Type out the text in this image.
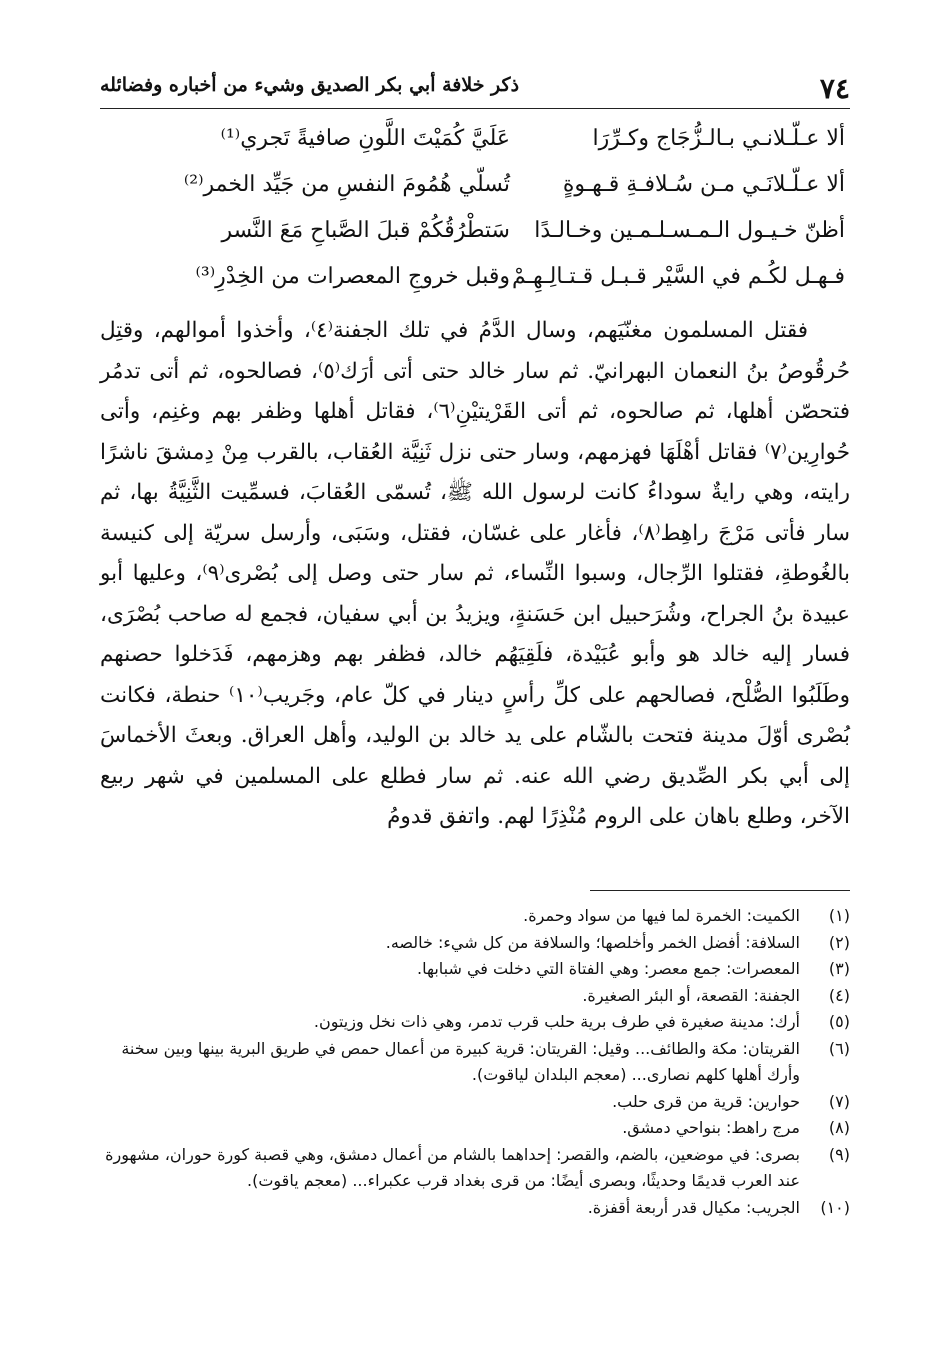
٧٤
ذكر خلافة أبي بكر الصديق وشيء من أخباره وفضائله
ألا عـلّـلانـي بـالـزُّجَاج وكـرِّرَا
عَلَيَّ كُمَيْتَ اللَّونِ صافيةً تَجري⁽¹⁾
ألا عـلّـلانَـي مـن سُـلافـةِ قـهـوةٍ
تُسلّي هُمُومَ النفسِ من جَيِّد الخمر⁽²⁾
أظنّ خـيـول الـمـسـلـمـين وخـالـدًا
سَتطْرُقُكُمْ قبلَ الصَّباحِ مَعَ النَّسر
فـهـل لكُـم في السَّيْر قـبـل قـتـالِـهِـمْ
وقبل خروجِ المعصرات من الخِدْرِ⁽³⁾

فقتل المسلمون مغنّيَهم، وسال الدَّمُ في تلك الجفنة⁽٤⁾، وأخذوا أموالهم، وقتِل حُرقُوصُ بنُ النعمان البهرانيّ. ثم سار خالد حتى أتى أرَك⁽٥⁾، فصالحوه، ثم أتى تدمُر فتحصّن أهلها، ثم صالحوه، ثم أتى القَرْيتيْنِ⁽٦⁾، فقاتل أهلها وظفر بهم وغنِم، وأتى حُوارِين⁽٧⁾ فقاتل أهْلَهَا فهزمهم، وسار حتى نزل ثَنِيَّة العُقاب، بالقرب مِنْ دِمشقَ ناشرًا رايته، وهي رايةٌ سوداءُ كانت لرسول الله ﷺ، تُسمّى العُقابَ، فسمِّيت الثَّنِيَّةُ بها، ثم سار فأتى مَرْجَ راهِط⁽٨⁾، فأغار على غسّان، فقتل، وسَبَى، وأرسل سريّة إلى كنيسة بالغُوطةِ، فقتلوا الرِّجال، وسبوا النِّساء، ثم سار حتى وصل إلى بُصْرى⁽٩⁾، وعليها أبو عبيدة بنُ الجراح، وشُرَحبيل ابن حَسَنةٍ، ويزيدُ بن أبي سفيان، فجمع له صاحب بُصْرَى، فسار إليه خالد هو وأبو عُبَيْدة، فلَقِيَهُم خالد، فظفر بهم وهزمهم، فَدَخلوا حصنهم وطَلَبُوا الصُّلْح، فصالحهم على كلِّ رأسٍ دينار في كلّ عام، وجَريب⁽١٠⁾ حنطة، فكانت بُصْرى أوّلَ مدينة فتحت بالشّام على يد خالد بن الوليد، وأهل العراق. وبعثَ الأخماسَ إلى أبي بكر الصِّديق رضي الله عنه. ثم سار فطلع على المسلمين في شهر ربيع الآخر، وطلع باهان على الروم مُنْذِرًا لهم. واتفق قدومُ

(١)
الكميت: الخمرة لما فيها من سواد وحمرة.
(٢)
السلافة: أفضل الخمر وأخلصها؛ والسلافة من كل شيء: خالصه.
(٣)
المعصرات: جمع معصر: وهي الفتاة التي دخلت في شبابها.
(٤)
الجفنة: القصعة، أو البئر الصغيرة.
(٥)
أرك: مدينة صغيرة في طرف برية حلب قرب تدمر، وهي ذات نخل وزيتون.
(٦)
القريتان: مكة والطائف... وقيل: القريتان: قرية كبيرة من أعمال حمص في طريق البرية بينها وبين سخنة وأرك أهلها كلهم نصارى... (معجم البلدان لياقوت).
(٧)
حوارين: قرية من قرى حلب.
(٨)
مرج راهط: بنواحي دمشق.
(٩)
بصرى: في موضعين، بالضم، والقصر: إحداهما بالشام من أعمال دمشق، وهي قصبة كورة حوران، مشهورة عند العرب قديمًا وحديثًا، وبصرى أيضًا: من قرى بغداد قرب عكبراء... (معجم ياقوت).
(١٠)
الجريب: مكيال قدر أربعة أقفزة.
